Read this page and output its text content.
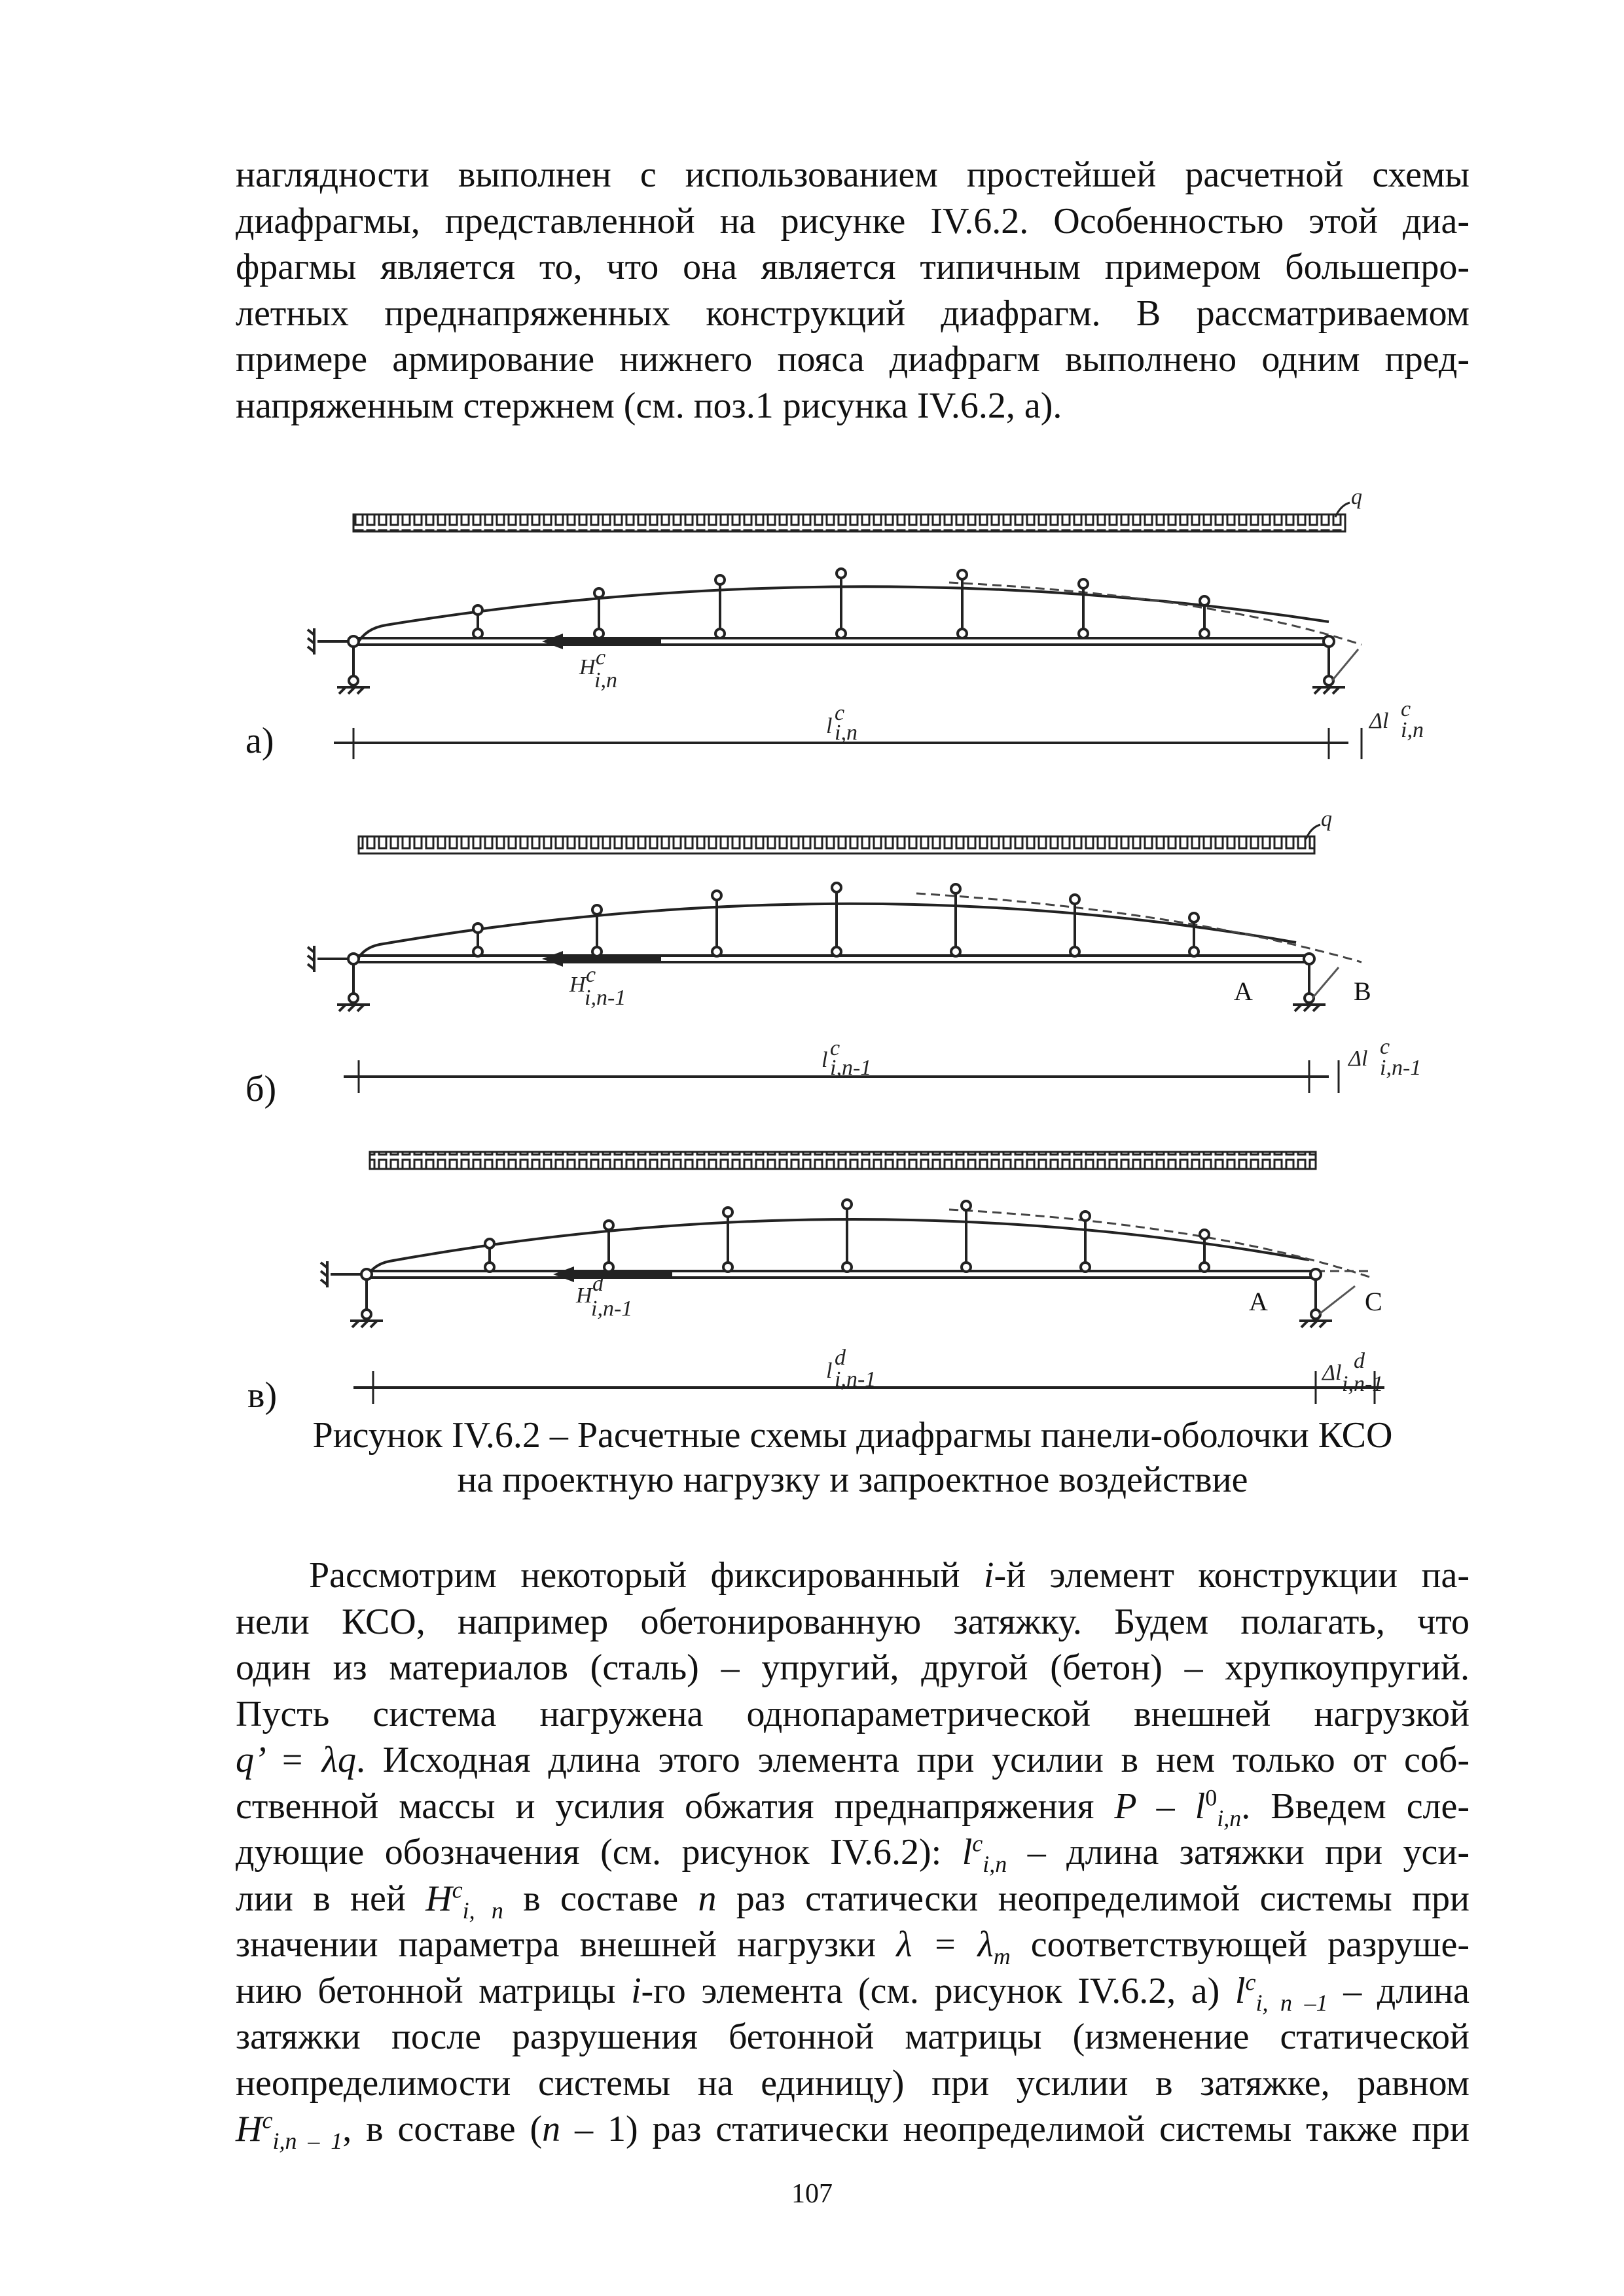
наглядности выполнен с использованием простейшей расчетной схемы
диафрагмы, представленной на рисунке IV.6.2. Особенностью этой диа-
фрагмы является то, что она является типичным примером большепро-
летных преднапряженных конструкций диафрагм. В рассматриваемом
примере армирование нижнего пояса диафрагм выполнено одним пред-
напряженным стержнем (см. поз.1 рисунка IV.6.2, а).
q
H c
i,n
а)	l
c
i,n	Δl c
i,n
q
H c
i,n-1	А	В
б)
l c
i,n-1	Δl c
i,n-1
H d
i,n-1	А	С
в)
l
d
i,n-1	Δl d
i,n-1
Рисунок IV.6.2 – Расчетные схемы диафрагмы панели-оболочки КСО
на проектную нагрузку и запроектное воздействие
Рассмотрим некоторый фиксированный i-й элемент конструкции па-
нели КСО, например обетонированную затяжку. Будем полагать, что
один из материалов (сталь) – упругий, другой (бетон) – хрупкоупругий.
Пусть система нагружена однопараметрической внешней нагрузкой
q’ = λq. Исходная длина этого элемента при усилии в нем только от соб-
ственной массы и усилия обжатия преднапряжения P – $l^0_{i,n}$. Введем сле-
дующие обозначения (см. рисунок IV.6.2): $l^c_{i,n}$ – длина затяжки при уси-
лии в ней $H^c_{i, n}$ в составе n раз статически неопределимой системы при
значении параметра внешней нагрузки $\lambda = \lambda_m$ соответствующей разруше-
нию бетонной матрицы i-го элемента (см. рисунок IV.6.2, а) $l^c_{i, n -1}$ – длина
затяжки после разрушения бетонной матрицы (изменение статической
неопределимости системы на единицу) при усилии в затяжке, равном
$H^c_{i,n - 1}$, в составе (n – 1) раз статически неопределимой системы также при
107
